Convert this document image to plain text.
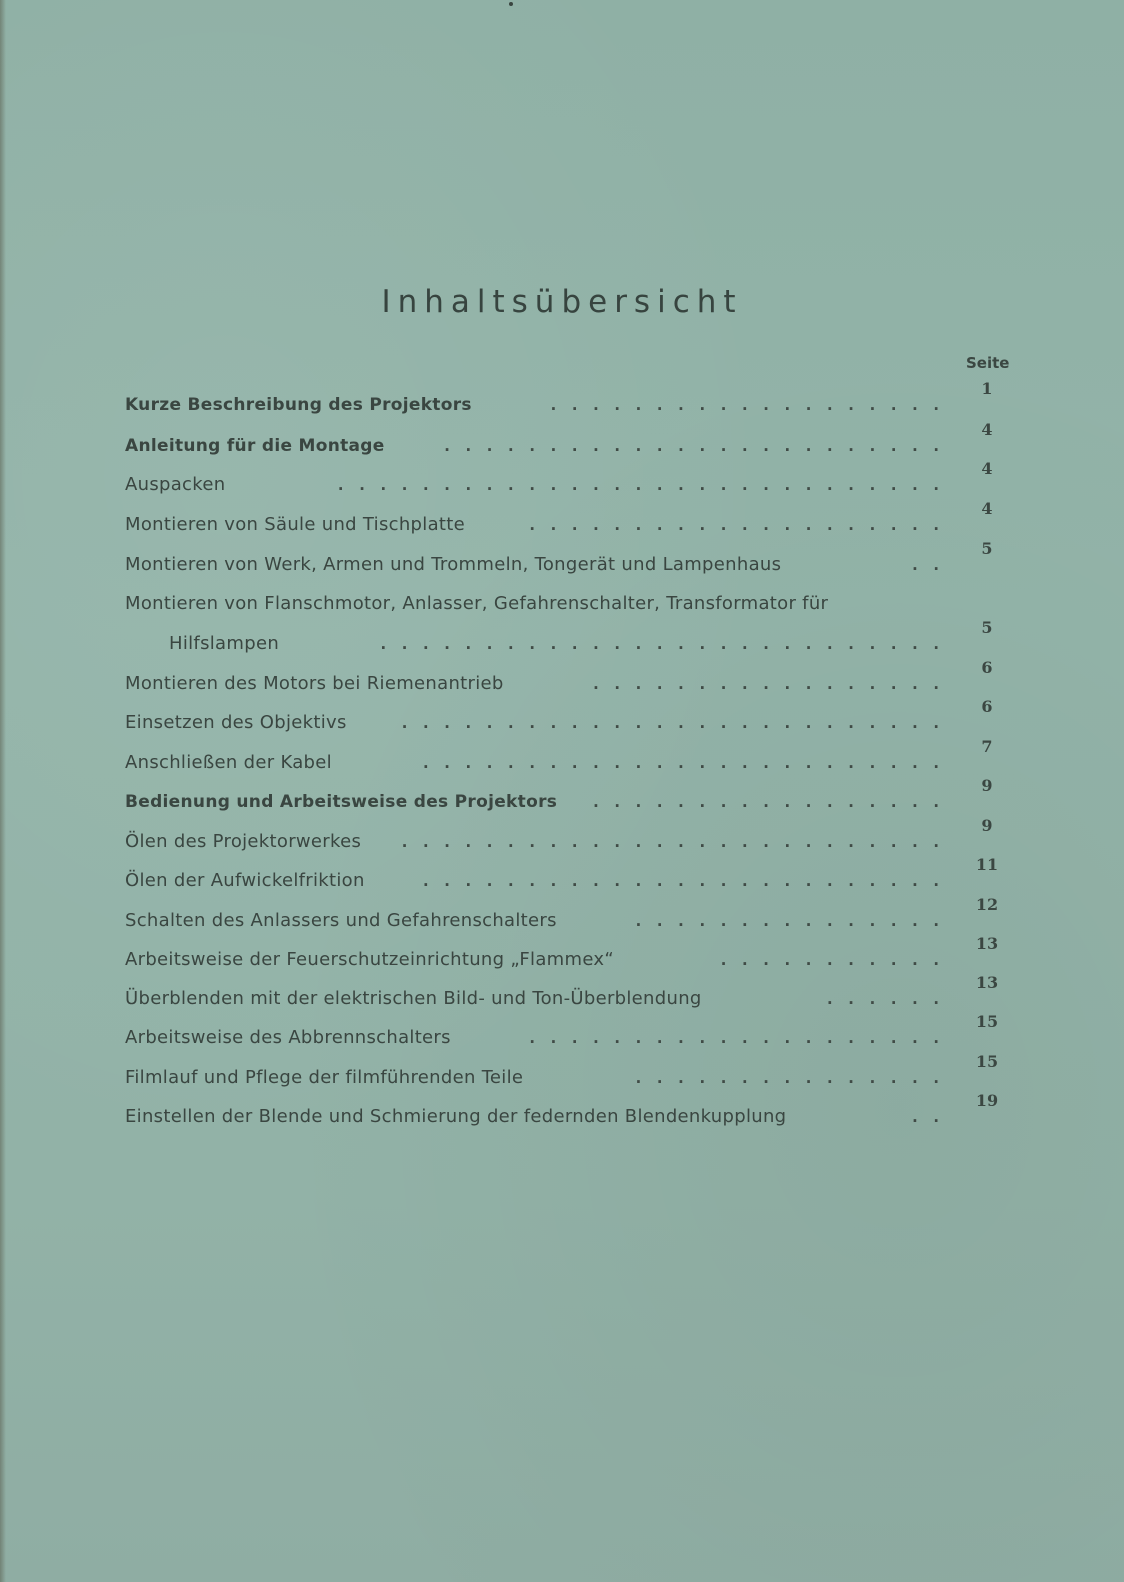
Inhaltsübersicht
Seite
Kurze Beschreibung des Projektors	. . . . . . . . . . . . . . . . . . .
1
Anleitung für die Montage	. . . . . . . . . . . . . . . . . . . . . . . .
4
Auspacken	. . . . . . . . . . . . . . . . . . . . . . . . . . . . .
4
Montieren von Säule und Tischplatte	. . . . . . . . . . . . . . . . . . . .
4
Montieren von Werk, Armen und Trommeln, Tongerät und Lampenhaus	. .
5
Montieren von Flanschmotor, Anlasser, Gefahrenschalter, Transformator für
Hilfslampen	. . . . . . . . . . . . . . . . . . . . . . . . . . .
5
Montieren des Motors bei Riemenantrieb	. . . . . . . . . . . . . . . . .
6
Einsetzen des Objektivs	. . . . . . . . . . . . . . . . . . . . . . . . . .
6
Anschließen der Kabel	. . . . . . . . . . . . . . . . . . . . . . . . .
7
Bedienung und Arbeitsweise des Projektors . . . . . . . . . . . . . . . . .
9
Ölen des Projektorwerkes . . . . . . . . . . . . . . . . . . . . . . . . . .
9
Ölen der Aufwickelfriktion	. . . . . . . . . . . . . . . . . . . . . . . . .
11
Schalten des Anlassers und Gefahrenschalters	. . . . . . . . . . . . . . .
12
Arbeitsweise der Feuerschutzeinrichtung „Flammex“	. . . . . . . . . . .
13
Überblenden mit der elektrischen Bild- und Ton-Überblendung	. . . . . .
13
Arbeitsweise des Abbrennschalters	. . . . . . . . . . . . . . . . . . . .
15
Filmlauf und Pflege der filmführenden Teile	. . . . . . . . . . . . . . .
15
Einstellen der Blende und Schmierung der federnden Blendenkupplung	. .
19
